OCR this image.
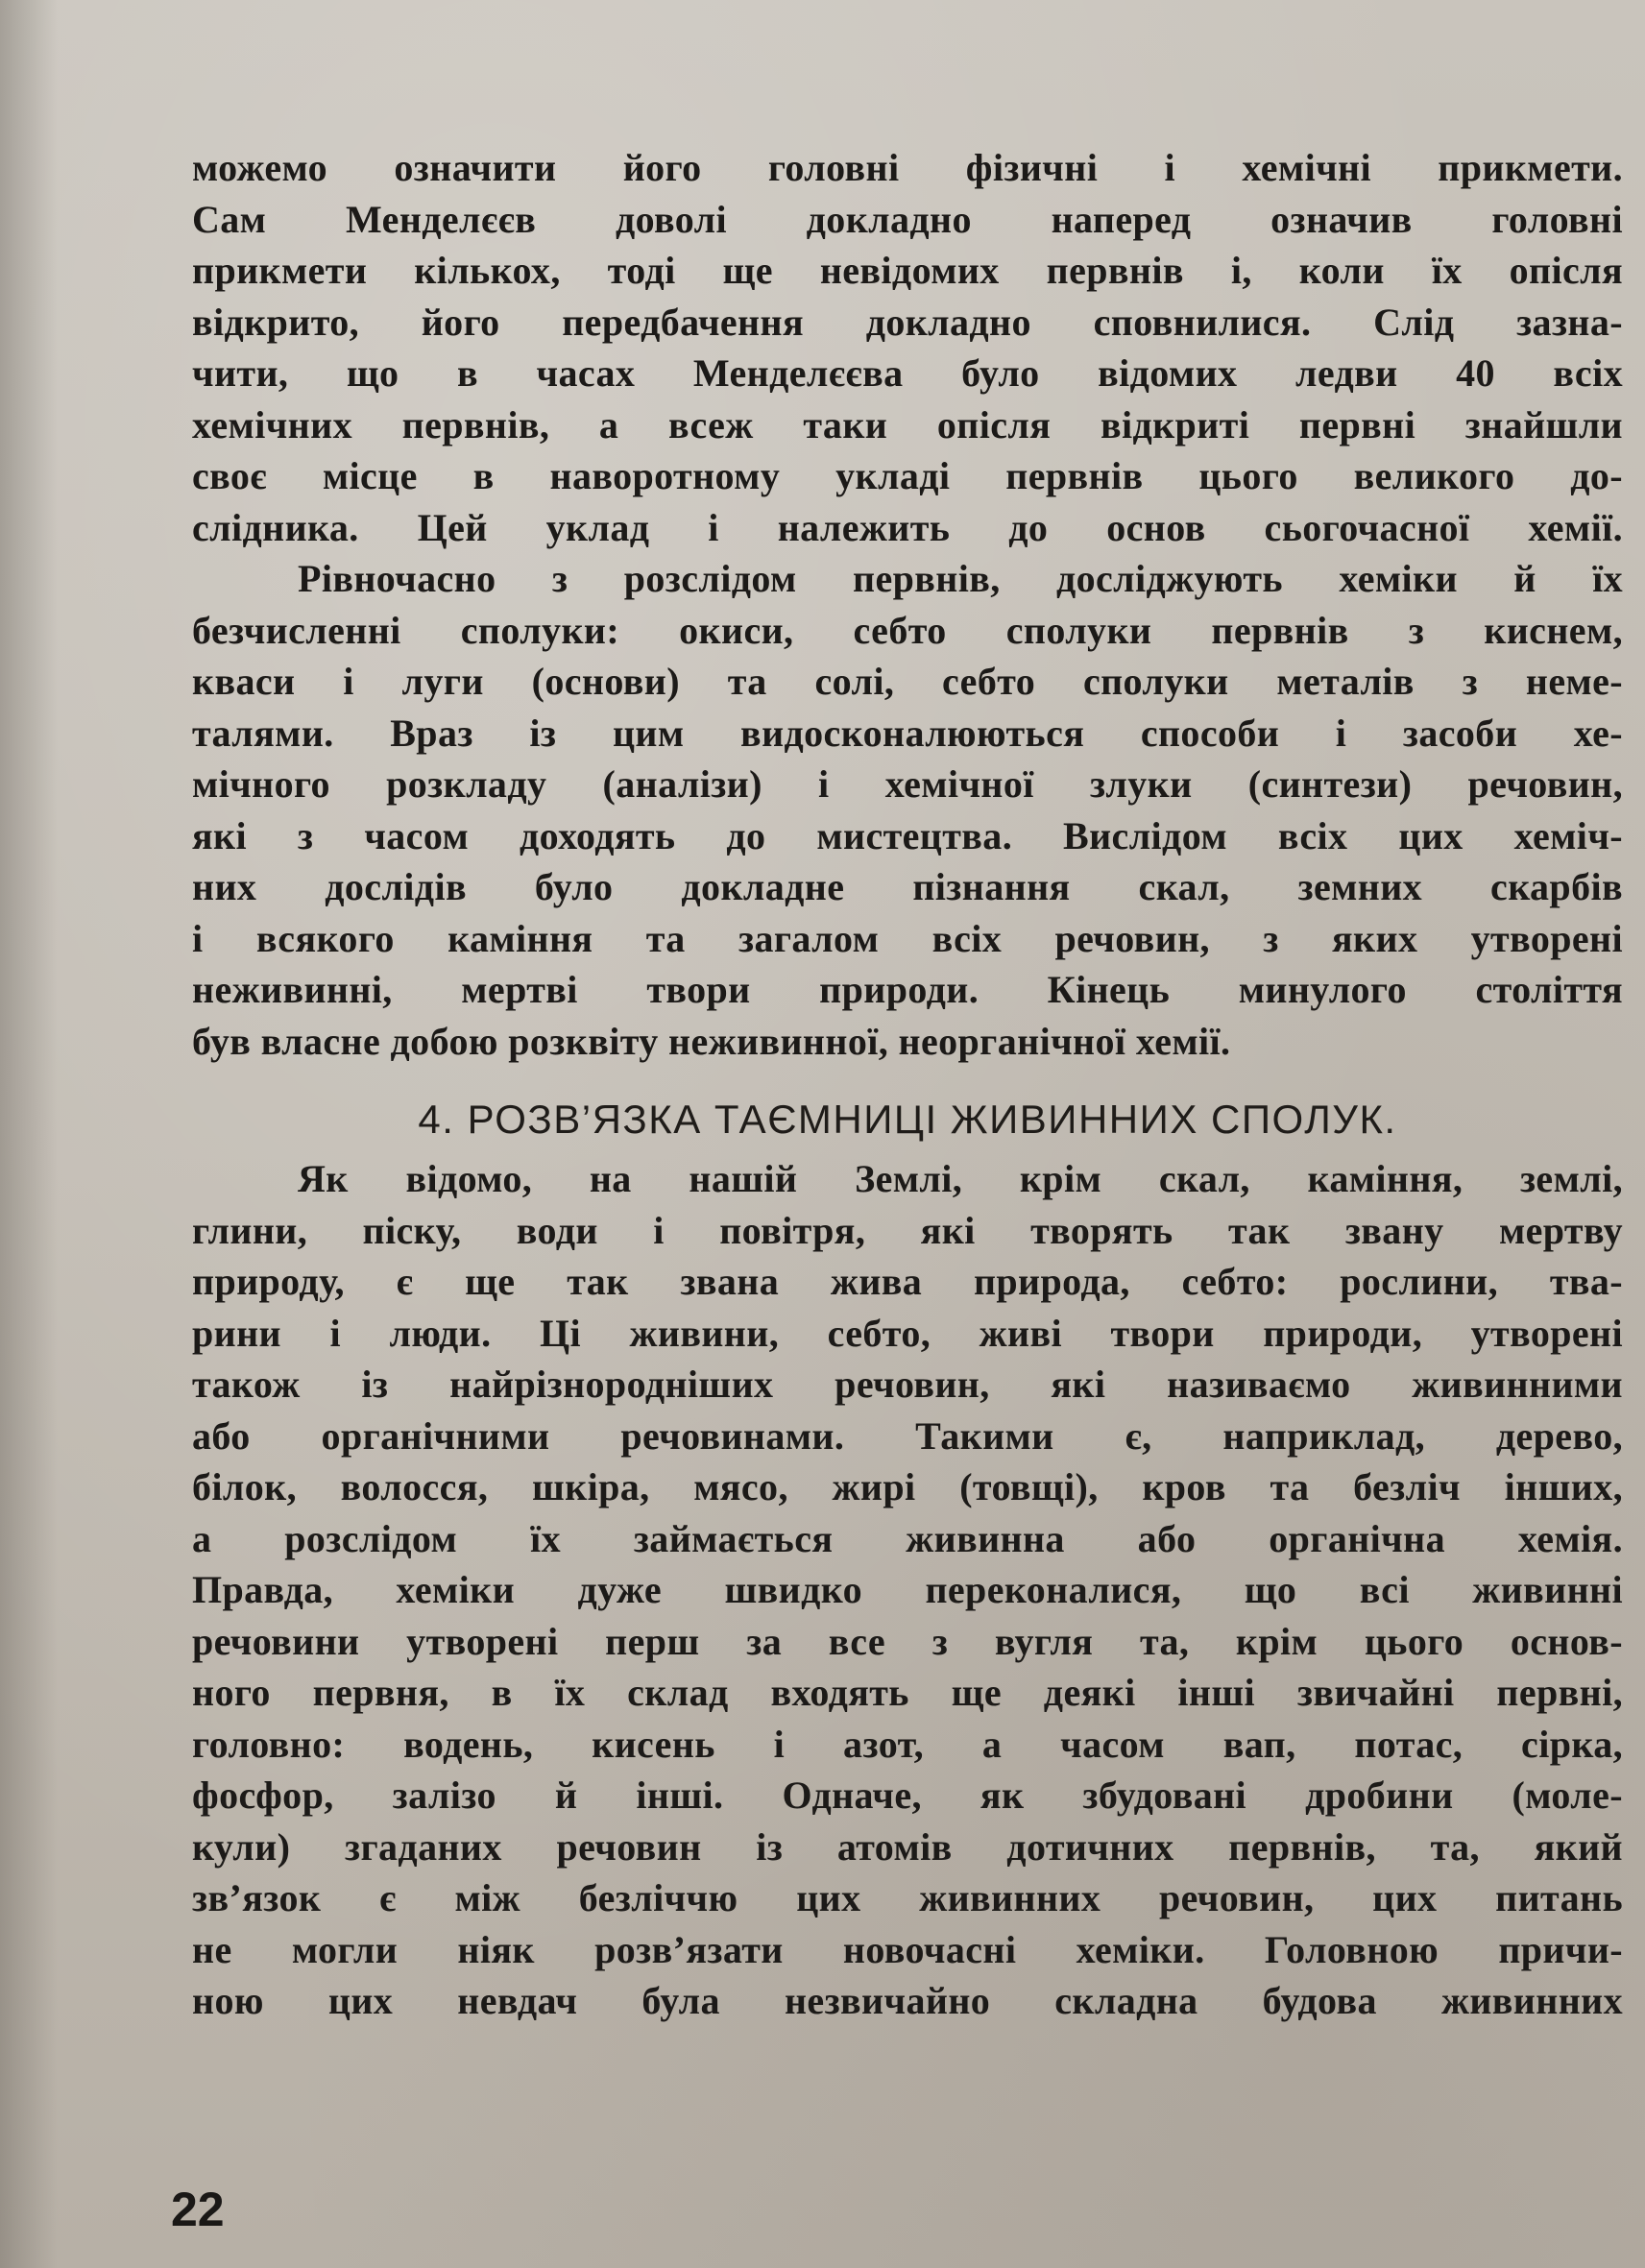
можемо означити його головні фізичні і хемічні прикмети.
Сам Менделєєв доволі докладно наперед означив головні
прикмети кількох, тоді ще невідомих первнів і, коли їх опісля
відкрито, його передбачення докладно сповнилися. Слід зазна-
чити, що в часах Менделєєва було відомих ледви 40 всіх
хемічних первнів, а всеж таки опісля відкриті первні знайшли
своє місце в наворотному укладі первнів цього великого до-
слідника. Цей уклад і належить до основ сьогочасної хемії.
Рівночасно з розслідом первнів, досліджують хеміки й їх
безчисленні сполуки: окиси, себто сполуки первнів з киснем,
кваси і луги (основи) та солі, себто сполуки металів з неме-
талями. Враз із цим видосконалюються способи і засоби хе-
мічного розкладу (аналізи) і хемічної злуки (синтези) речовин,
які з часом доходять до мистецтва. Вислідом всіх цих хеміч-
них дослідів було докладне пізнання скал, земних скарбів
і всякого каміння та загалом всіх речовин, з яких утворені
неживинні, мертві твори природи. Кінець минулого століття
був власне добою розквіту неживинної, неорганічної хемії.
4. РОЗВ’ЯЗКА ТАЄМНИЦІ ЖИВИННИХ СПОЛУК.
Як відомо, на нашій Землі, крім скал, каміння, землі,
глини, піску, води і повітря, які творять так звану мертву
природу, є ще так звана жива природа, себто: рослини, тва-
рини і люди. Ці живини, себто, живі твори природи, утворені
також із найрізнородніших речовин, які називаємо живинними
або органічними речовинами. Такими є, наприклад, дерево,
білок, волосся, шкіра, мясо, жирі (товщі), кров та безліч інших,
а розслідом їх займається живинна або органічна хемія.
Правда, хеміки дуже швидко переконалися, що всі живинні
речовини утворені перш за все з вугля та, крім цього основ-
ного первня, в їх склад входять ще деякі інші звичайні первні,
головно: водень, кисень і азот, а часом вап, потас, сірка,
фосфор, залізо й інші. Одначе, як збудовані дробини (моле-
кули) згаданих речовин із атомів дотичних первнів, та, який
зв’язок є між безліччю цих живинних речовин, цих питань
не могли ніяк розв’язати новочасні хеміки. Головною причи-
ною цих невдач була незвичайно складна будова живинних
22
